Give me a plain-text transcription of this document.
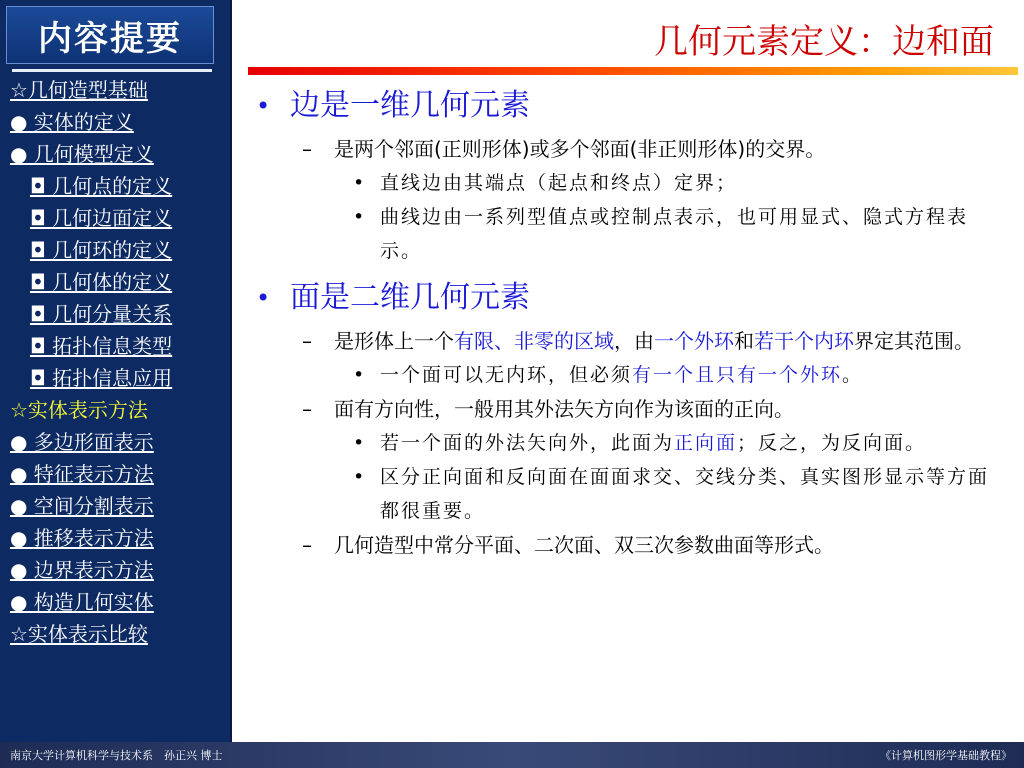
内容提要
☆几何造型基础
● 实体的定义
● 几何模型定义
◘ 几何点的定义
◘ 几何边面定义
◘ 几何环的定义
◘ 几何体的定义
◘ 几何分量关系
◘ 拓扑信息类型
◘ 拓扑信息应用
☆实体表示方法
● 多边形面表示
● 特征表示方法
● 空间分割表示
● 推移表示方法
● 边界表示方法
● 构造几何实体
☆实体表示比较
几何元素定义：边和面
• 边是一维几何元素
– 是两个邻面(正则形体)或多个邻面(非正则形体)的交界。
• 直线边由其端点（起点和终点）定界；
• 曲线边由一系列型值点或控制点表示，也可用显式、隐式方程表示。
• 面是二维几何元素
– 是形体上一个有限、非零的区域，由一个外环和若干个内环界定其范围。
• 一个面可以无内环，但必须有一个且只有一个外环。
– 面有方向性，一般用其外法矢方向作为该面的正向。
• 若一个面的外法矢向外，此面为正向面；反之，为反向面。
• 区分正向面和反向面在面面求交、交线分类、真实图形显示等方面都很重要。
– 几何造型中常分平面、二次面、双三次参数曲面等形式。
南京大学计算机科学与技术系　孙正兴 博士	《计算机图形学基础教程》
